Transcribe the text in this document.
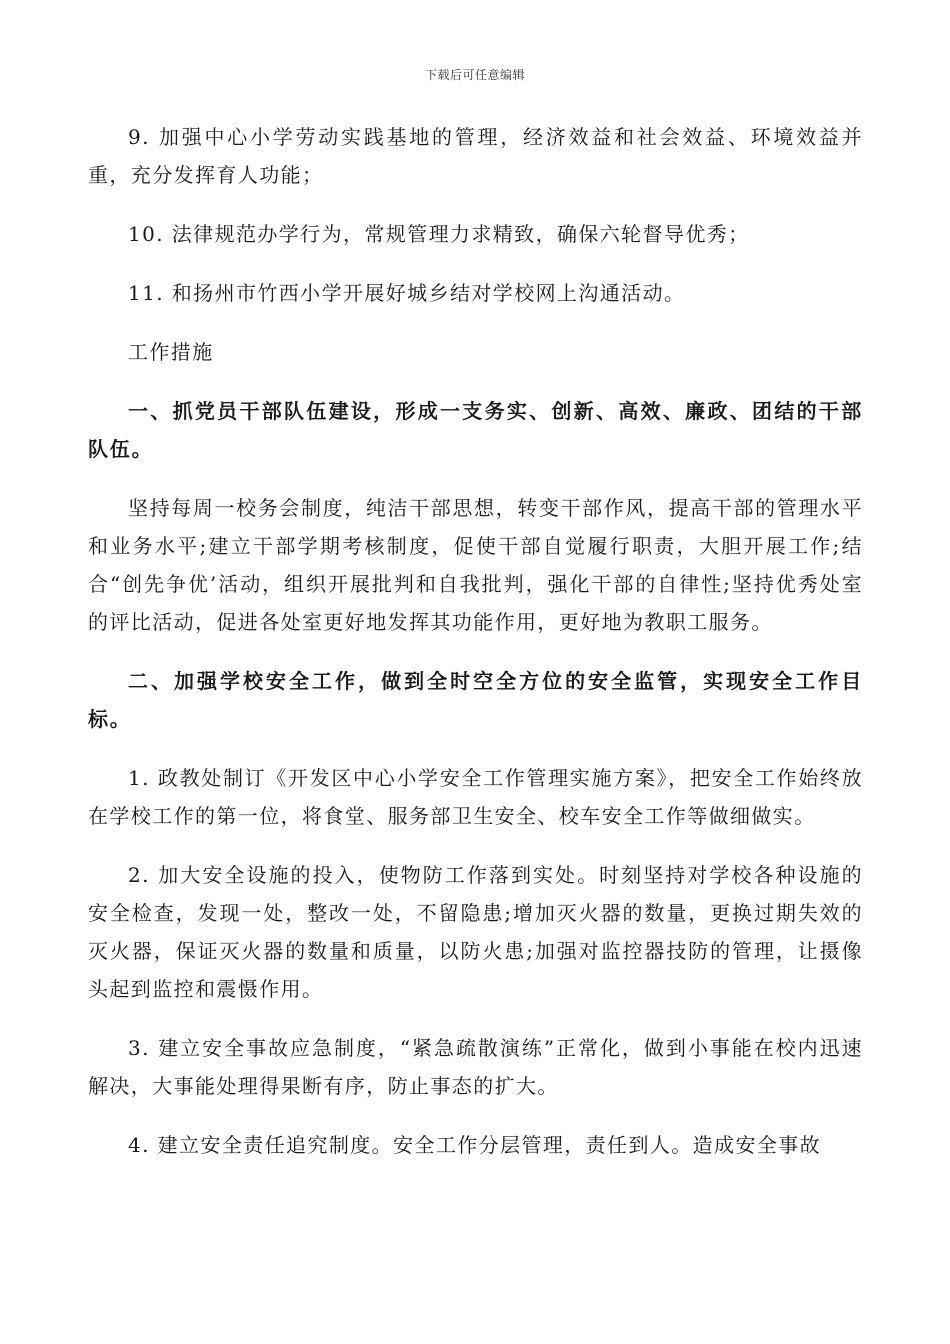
下载后可任意编辑

9. 加强中心小学劳动实践基地的管理，经济效益和社会效益、环境效益并重，充分发挥育人功能；

10. 法律规范办学行为，常规管理力求精致，确保六轮督导优秀；

11. 和扬州市竹西小学开展好城乡结对学校网上沟通活动。

工作措施

一、抓党员干部队伍建设，形成一支务实、创新、高效、廉政、团结的干部队伍。

坚持每周一校务会制度，纯洁干部思想，转变干部作风，提高干部的管理水平和业务水平;建立干部学期考核制度，促使干部自觉履行职责，大胆开展工作;结合“创先争优’活动，组织开展批判和自我批判，强化干部的自律性;坚持优秀处室的评比活动，促进各处室更好地发挥其功能作用，更好地为教职工服务。

二、加强学校安全工作，做到全时空全方位的安全监管，实现安全工作目标。

1. 政教处制订《开发区中心小学安全工作管理实施方案》，把安全工作始终放在学校工作的第一位，将食堂、服务部卫生安全、校车安全工作等做细做实。

2. 加大安全设施的投入，使物防工作落到实处。时刻坚持对学校各种设施的安全检查，发现一处，整改一处，不留隐患;增加灭火器的数量，更换过期失效的灭火器，保证灭火器的数量和质量，以防火患;加强对监控器技防的管理，让摄像头起到监控和震慑作用。

3. 建立安全事故应急制度，“紧急疏散演练”正常化，做到小事能在校内迅速解决，大事能处理得果断有序，防止事态的扩大。

4. 建立安全责任追究制度。安全工作分层管理，责任到人。造成安全事故
